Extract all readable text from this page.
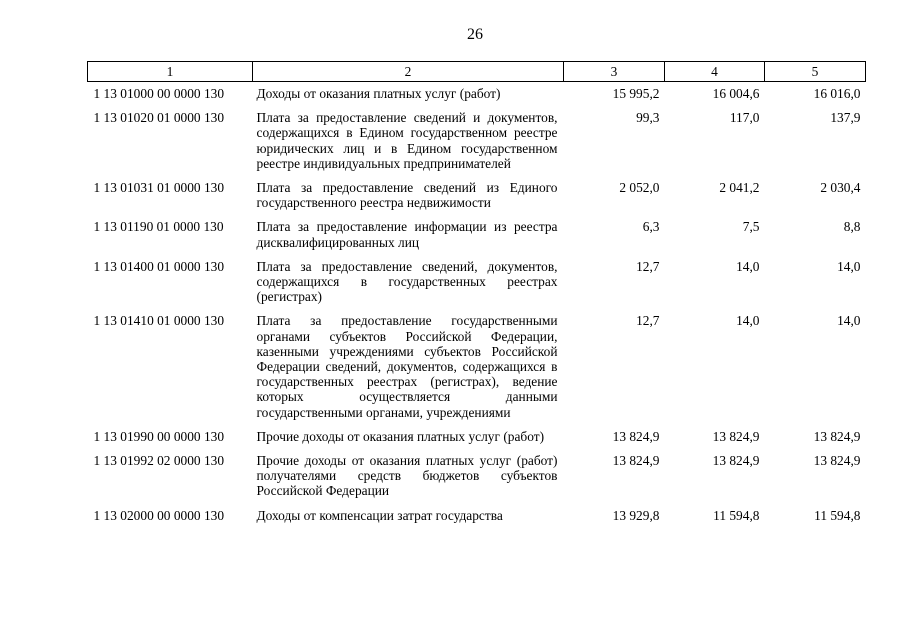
26
1	2	3	4	5
1 13 01000 00 0000 130	Доходы от оказания платных услуг (работ)	15 995,2	16 004,6	16 016,0
1 13 01020 01 0000 130	Плата за предоставление сведений и документов, содержащихся в Едином государственном реестре юридических лиц и в Едином государственном реестре индивидуальных предпринимателей	99,3	117,0	137,9
1 13 01031 01 0000 130	Плата за предоставление сведений из Единого государственного реестра недвижимости	2 052,0	2 041,2	2 030,4
1 13 01190 01 0000 130	Плата за предоставление информации из реестра дисквалифицированных лиц	6,3	7,5	8,8
1 13 01400 01 0000 130	Плата за предоставление сведений, документов, содержащихся в государственных реестрах (регистрах)	12,7	14,0	14,0
1 13 01410 01 0000 130	Плата за предоставление государственными органами субъектов Российской Федерации, казенными учреждениями субъектов Российской Федерации сведений, документов, содержащихся в государственных реестрах (регистрах), ведение которых осуществляется данными государственными органами, учреждениями	12,7	14,0	14,0
1 13 01990 00 0000 130	Прочие доходы от оказания платных услуг (работ)	13 824,9	13 824,9	13 824,9
1 13 01992 02 0000 130	Прочие доходы от оказания платных услуг (работ) получателями средств бюджетов субъектов Российской Федерации	13 824,9	13 824,9	13 824,9
1 13 02000 00 0000 130	Доходы от компенсации затрат государства	13 929,8	11 594,8	11 594,8
